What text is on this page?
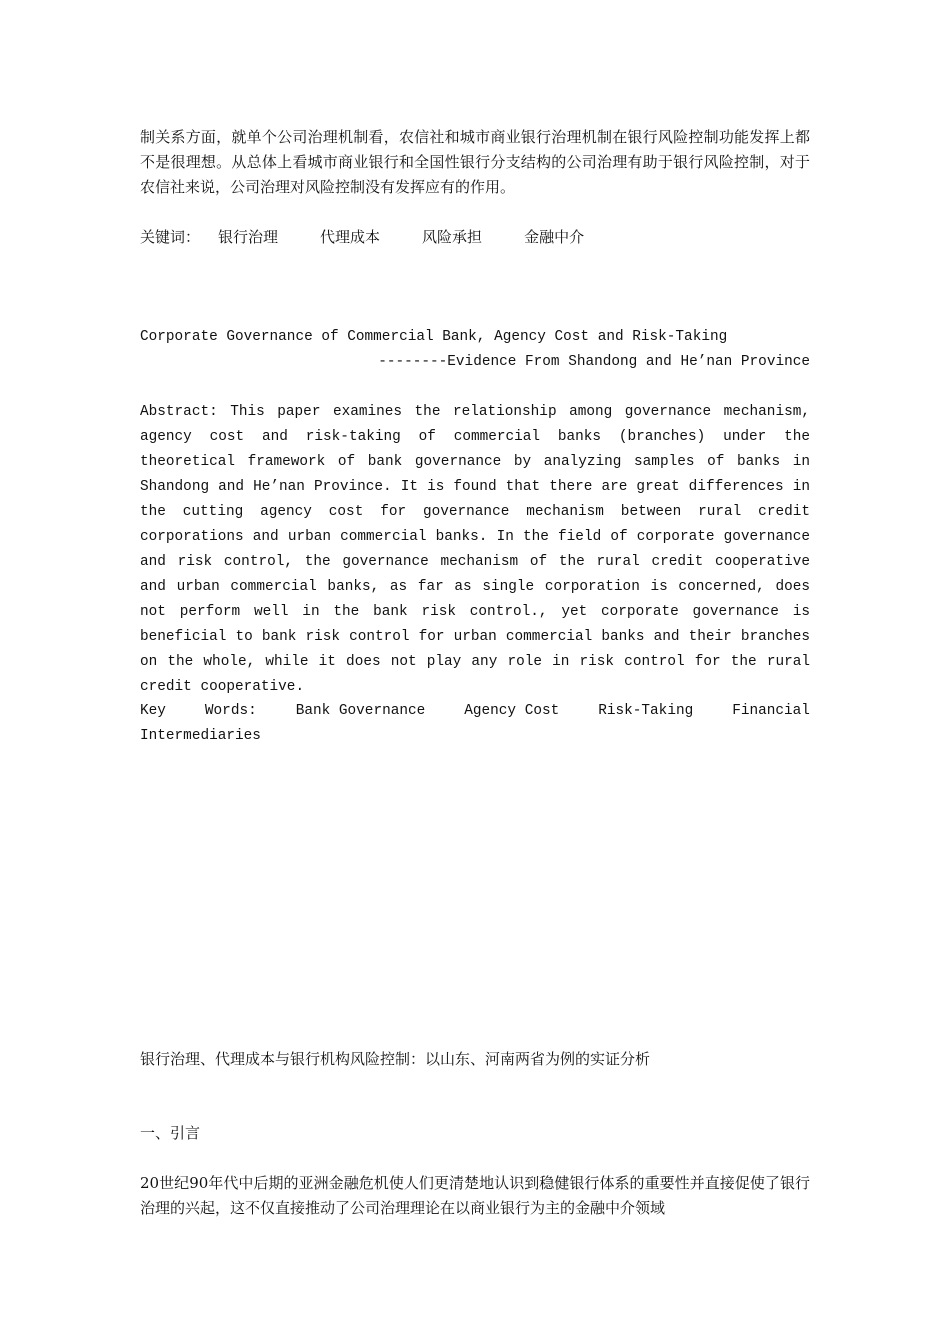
制关系方面，就单个公司治理机制看，农信社和城市商业银行治理机制在银行风险控制功能发挥上都不是很理想。从总体上看城市商业银行和全国性银行分支结构的公司治理有助于银行风险控制，对于农信社来说，公司治理对风险控制没有发挥应有的作用。

关键词： 银行治理	代理成本	风险承担	金融中介

Corporate Governance of Commercial Bank, Agency Cost and Risk-Taking

--------Evidence From Shandong and He’nan Province

Abstract: This paper examines the relationship among governance mechanism, agency cost and risk-taking of commercial banks (branches) under the theoretical framework of bank governance by analyzing samples of banks in Shandong and He’nan Province. It is found that there are great differences in the cutting agency cost for governance mechanism between rural credit corporations and urban commercial banks. In the field of corporate governance and risk control, the governance mechanism of the rural credit cooperative and urban commercial banks, as far as single corporation is concerned, does not perform well in the bank risk control., yet corporate governance is beneficial to bank risk control for urban commercial banks and their branches on the whole, while it does not play any role in risk control for the rural credit cooperative.

Key	Words:	Bank Governance	Agency Cost	Risk-Taking	Financial
Intermediaries

银行治理、代理成本与银行机构风险控制：以山东、河南两省为例的实证分析

一、引言

20世纪90年代中后期的亚洲金融危机使人们更清楚地认识到稳健银行体系的重要性并直接促使了银行治理的兴起，这不仅直接推动了公司治理理论在以商业银行为主的金融中介领域
